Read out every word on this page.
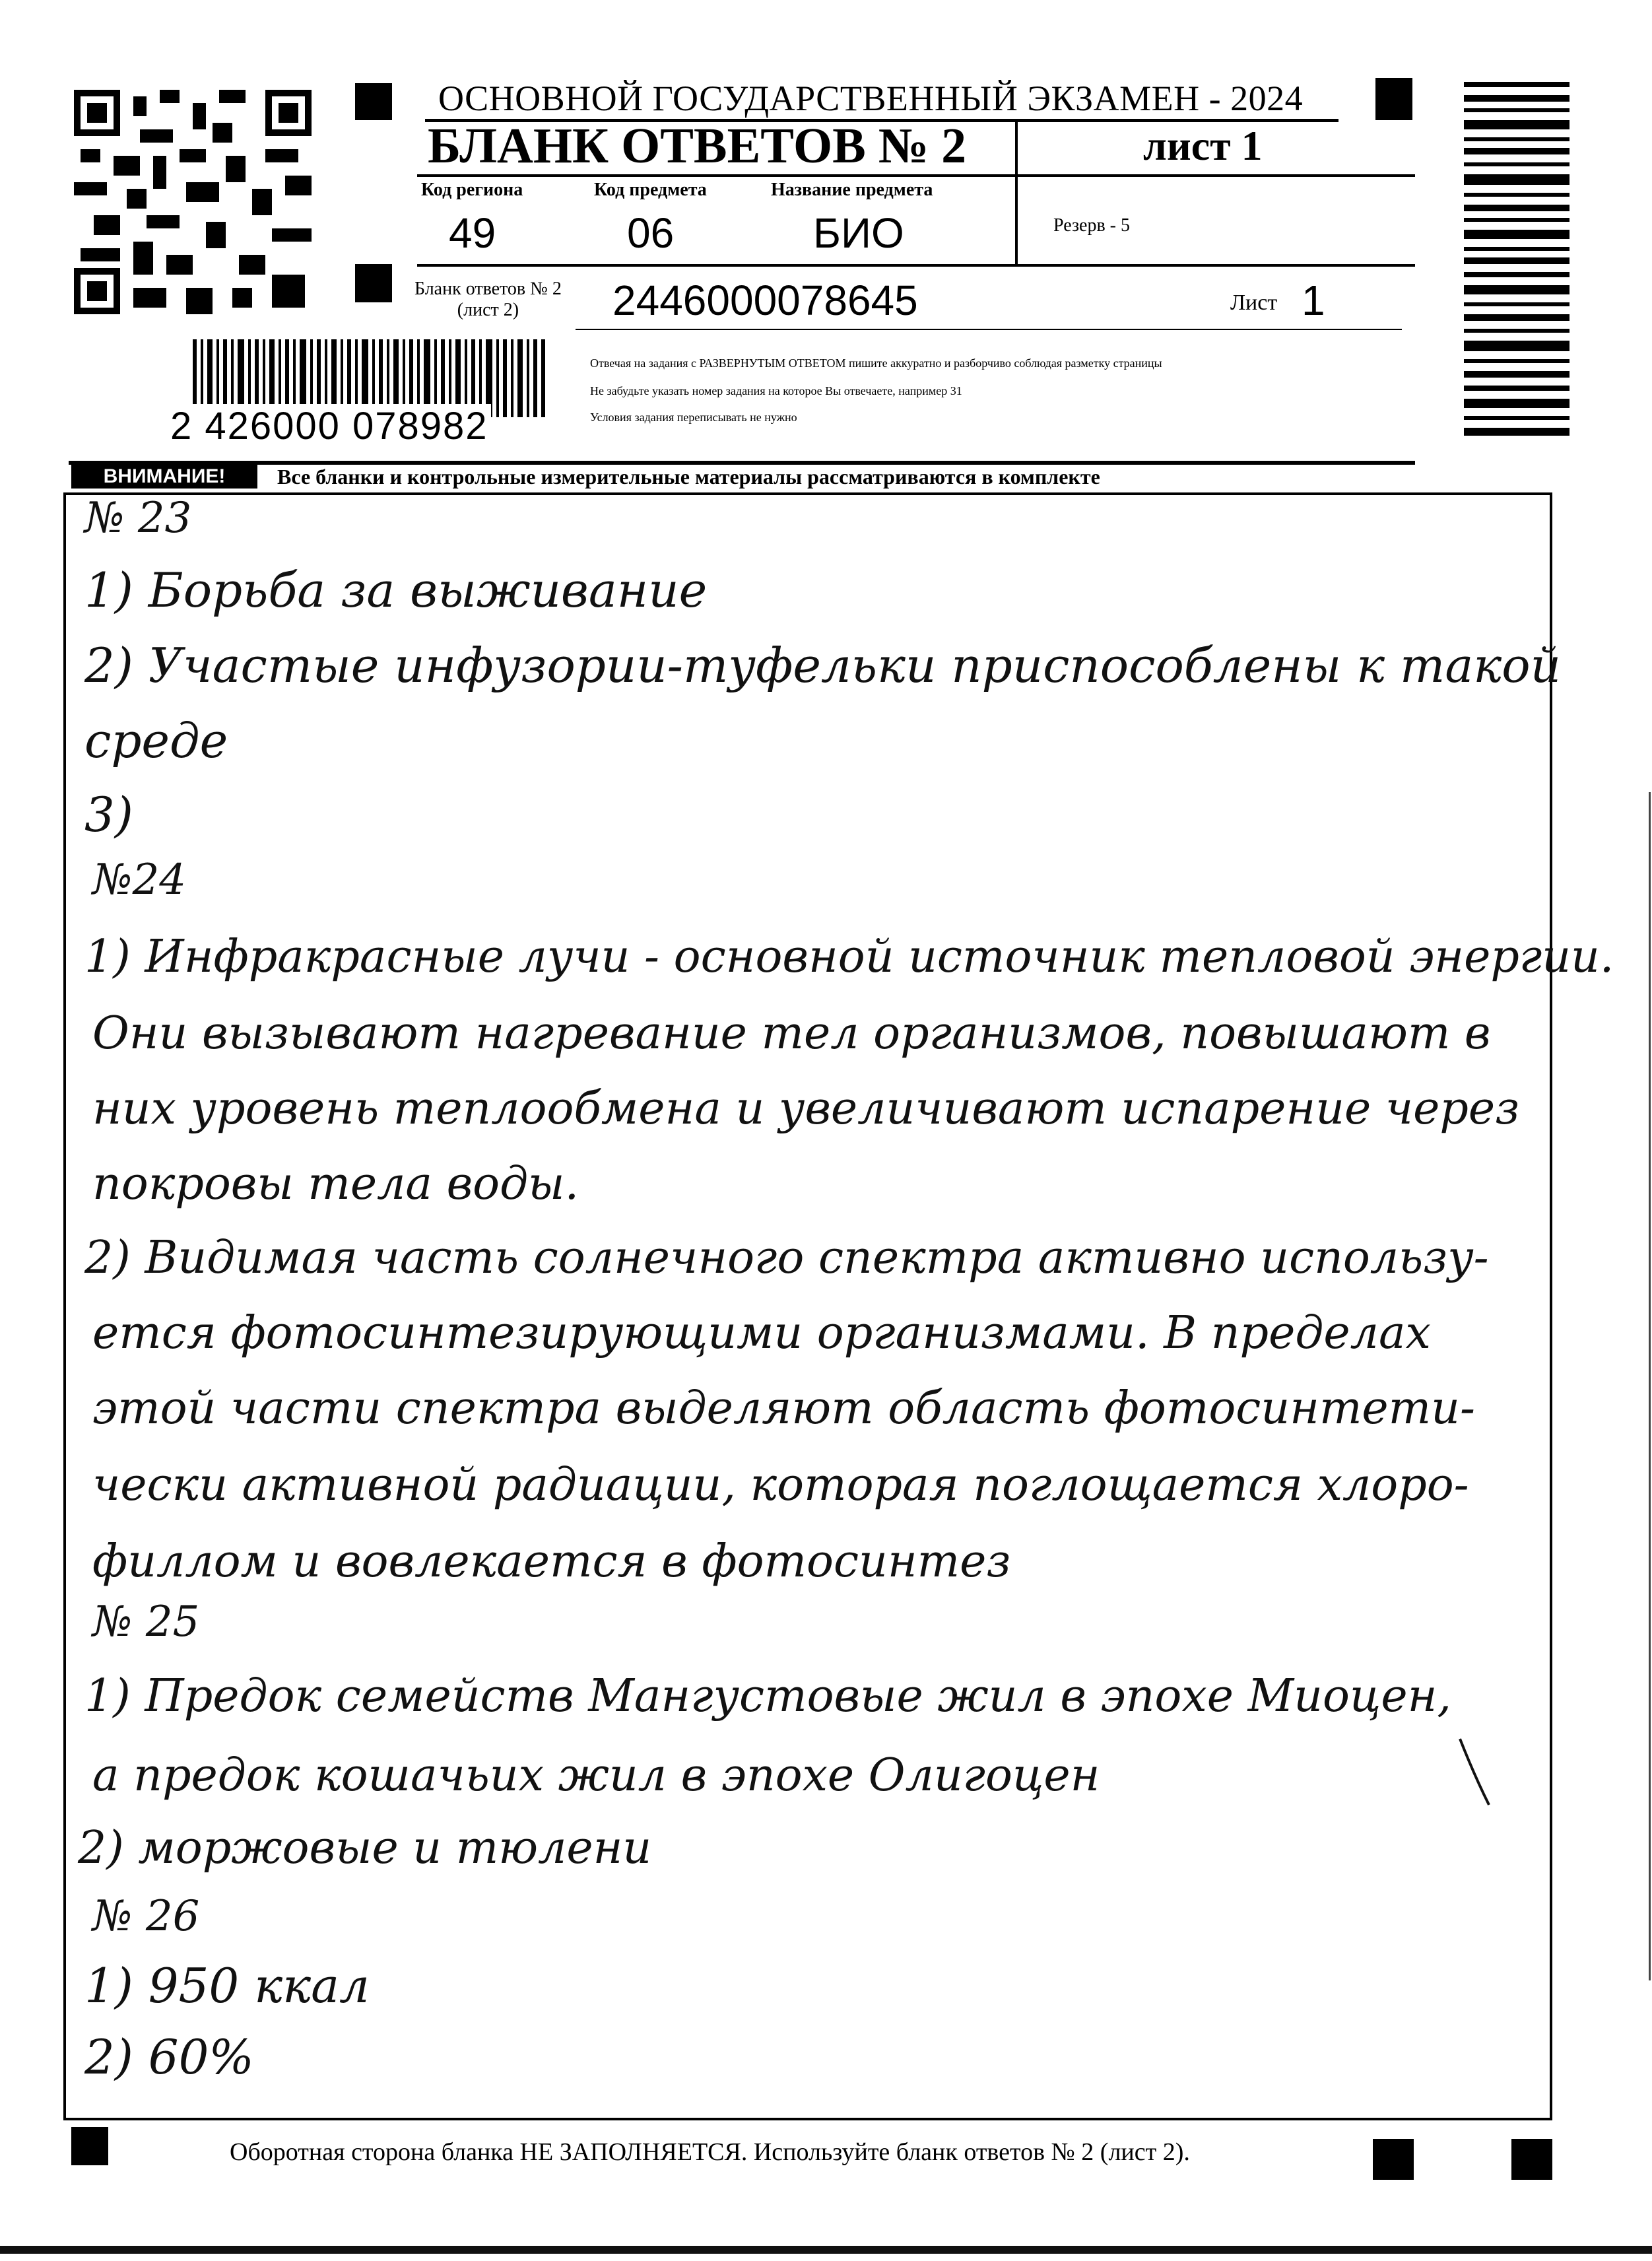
ОСНОВНОЙ ГОСУДАРСТВЕННЫЙ ЭКЗАМЕН - 2024
БЛАНК ОТВЕТОВ № 2	лист 1
Код региона
49
Код предмета
06
Название предмета
БИО	Резерв - 5
Бланк ответов № 2
(лист 2)	2446000078645	Лист 1
2 426000 078982
Отвечая на задания с РАЗВЕРНУТЫМ ОТВЕТОМ пишите аккуратно и разборчиво соблюдая разметку страницы
Не забудьте указать номер задания на которое Вы отвечаете, например 31
Условия задания переписывать не нужно
ВНИМАНИЕ!	Все бланки и контрольные измерительные материалы рассматриваются в комплекте
№ 23
1) Борьба за выживание
2) Участые инфузории-туфельки приспособлены к такой
среде
3)
№24
1) Инфракрасные лучи - основной источник тепловой энергии.
Они вызывают нагревание тел организмов, повышают в
них уровень теплообмена и увеличивают испарение через
покровы тела воды.
2) Видимая часть солнечного спектра активно использу-
ется фотосинтезирующими организмами. В пределах
этой части спектра выделяют область фотосинтети-
чески активной радиации, которая поглощается хлоро-
филлом и вовлекается в фотосинтез
№ 25
1) Предок семейств Мангустовые жил в эпохе Миоцен,
а предок кошачьих жил в эпохе Олигоцен
2) моржовые и тюлени
№ 26
1) 950 ккал
2) 60%
Оборотная сторона бланка НЕ ЗАПОЛНЯЕТСЯ. Используйте бланк ответов № 2 (лист 2).
